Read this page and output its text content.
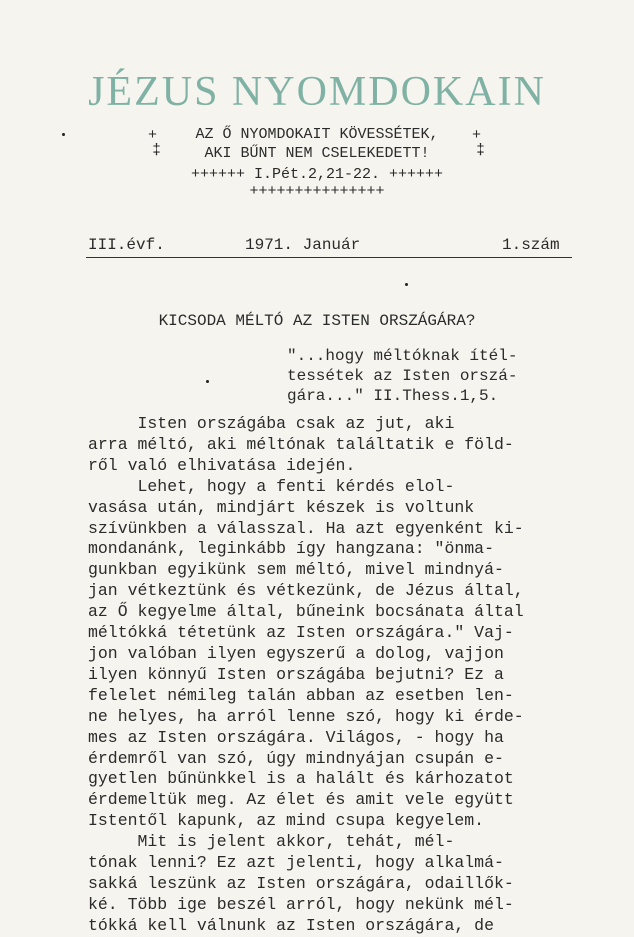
JÉZUS NYOMDOKAIN
+	+
‡	‡
AZ Ő NYOMDOKAIT KÖVESSÉTEK,
AKI BŰNT NEM CSELEKEDETT!
++++++ I.Pét.2,21-22. ++++++
+++++++++++++++
III.évf.	1971. Január	1.szám
KICSODA MÉLTÓ AZ ISTEN ORSZÁGÁRA?
"...hogy méltóknak ítél-
tessétek az Isten orszá-
gára..." II.Thess.1,5.
Isten országába csak az jut, aki
arra méltó, aki méltónak találtatik e föld-
ről való elhivatása idején.
Lehet, hogy a fenti kérdés elol-
vasása után, mindjárt készek is voltunk
szívünkben a válasszal. Ha azt egyenként ki-
mondanánk, leginkább így hangzana: "önma-
gunkban egyikünk sem méltó, mivel mindnyá-
jan vétkeztünk és vétkezünk, de Jézus által,
az Ő kegyelme által, bűneink bocsánata által
méltókká tétetünk az Isten országára." Vaj-
jon valóban ilyen egyszerű a dolog, vajjon
ilyen könnyű Isten országába bejutni? Ez a
felelet némileg talán abban az esetben len-
ne helyes, ha arról lenne szó, hogy ki érde-
mes az Isten országára. Világos, - hogy ha
érdemről van szó, úgy mindnyájan csupán e-
gyetlen bűnünkkel is a halált és kárhozatot
érdemeltük meg. Az élet és amit vele együtt
Istentől kapunk, az mind csupa kegyelem.
Mit is jelent akkor, tehát, mél-
tónak lenni? Ez azt jelenti, hogy alkalmá-
sakká leszünk az Isten országára, odaillők-
ké. Több ige beszél arról, hogy nekünk mél-
tókká kell válnunk az Isten országára, de
